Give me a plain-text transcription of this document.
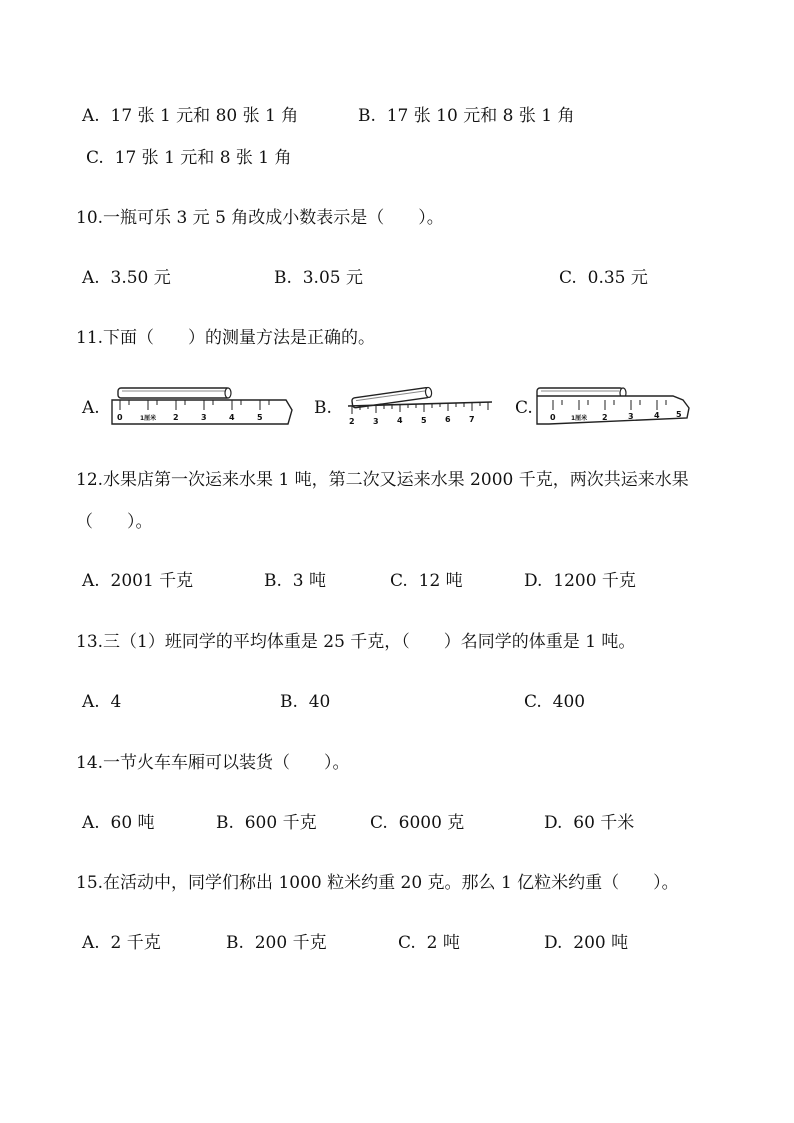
A. 17 张 1 元和 80 张 1 角	B. 17 张 10 元和 8 张 1 角
C. 17 张 1 元和 8 张 1 角
10.一瓶可乐 3 元 5 角改成小数表示是（　　）。
A. 3.50 元	B. 3.05 元	C. 0.35 元
11.下面（　　）的测量方法是正确的。
A. 0	1厘米 2	3	4	5	B.
2 3 4 5 6 7
C. 0	1厘米 2	3	4 5
12.水果店第一次运来水果 1 吨，第二次又运来水果 2000 千克，两次共运来水果
（　　）。
A. 2001 千克	B. 3 吨	C. 12 吨	D. 1200 千克
13.三（1）班同学的平均体重是 25 千克，（　　）名同学的体重是 1 吨。
A. 4	B. 40	C. 400
14.一节火车车厢可以装货（　　）。
A. 60 吨	B. 600 千克	C. 6000 克	D. 60 千米
15.在活动中，同学们称出 1000 粒米约重 20 克。那么 1 亿粒米约重（　　）。
A. 2 千克	B. 200 千克	C. 2 吨	D. 200 吨
